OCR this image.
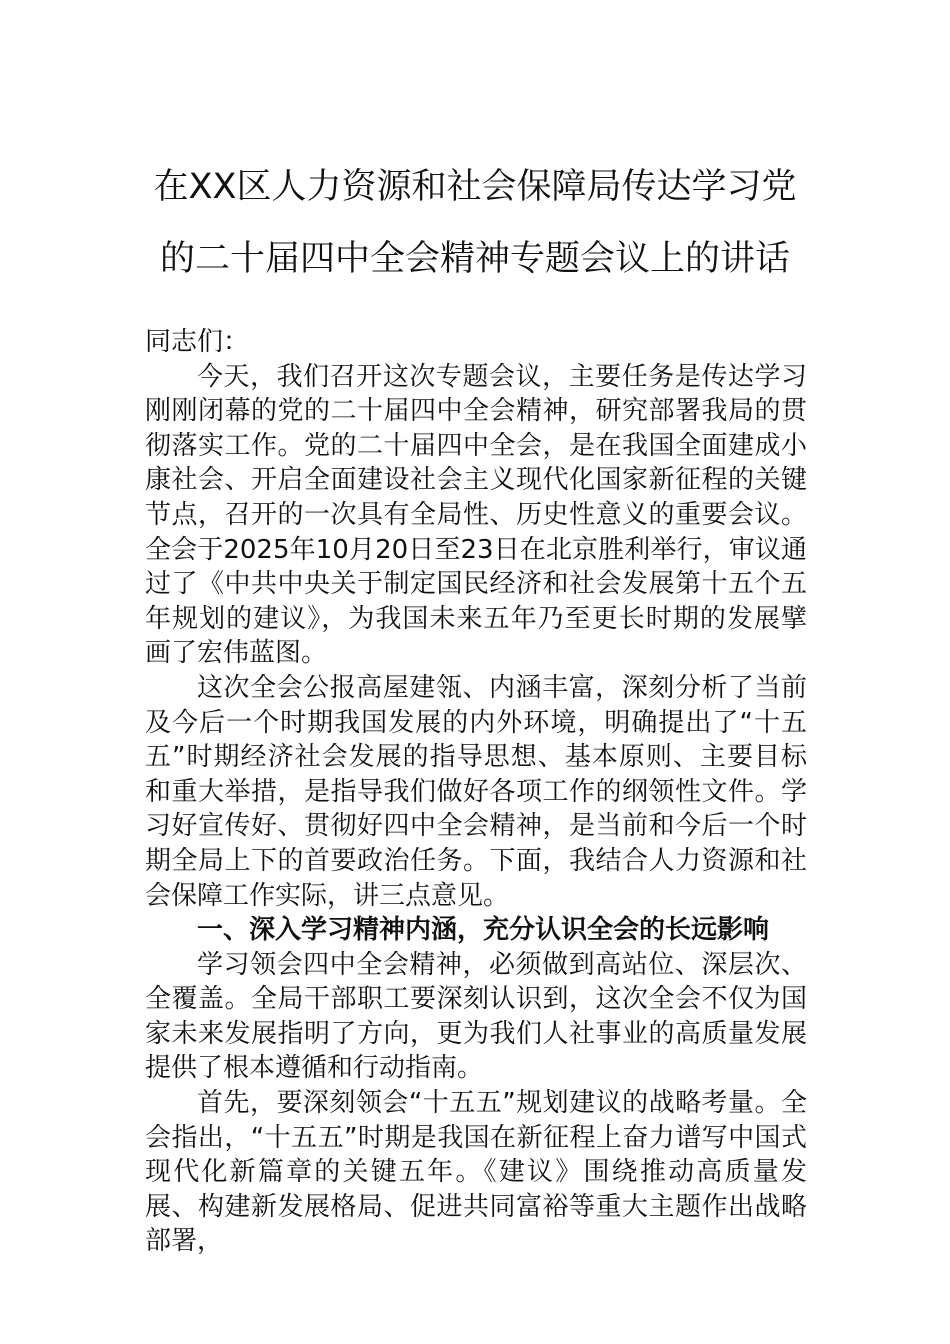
在XX区人力资源和社会保障局传达学习党
的二十届四中全会精神专题会议上的讲话

同志们：

今天，我们召开这次专题会议，主要任务是传达学习刚刚闭幕的党的二十届四中全会精神，研究部署我局的贯彻落实工作。党的二十届四中全会，是在我国全面建成小康社会、开启全面建设社会主义现代化国家新征程的关键节点，召开的一次具有全局性、历史性意义的重要会议。全会于2025年10月20日至23日在北京胜利举行，审议通过了《中共中央关于制定国民经济和社会发展第十五个五年规划的建议》，为我国未来五年乃至更长时期的发展擘画了宏伟蓝图。

这次全会公报高屋建瓴、内涵丰富，深刻分析了当前及今后一个时期我国发展的内外环境，明确提出了“十五五”时期经济社会发展的指导思想、基本原则、主要目标和重大举措，是指导我们做好各项工作的纲领性文件。学习好宣传好、贯彻好四中全会精神，是当前和今后一个时期全局上下的首要政治任务。下面，我结合人力资源和社会保障工作实际，讲三点意见。

一、深入学习精神内涵，充分认识全会的长远影响

学习领会四中全会精神，必须做到高站位、深层次、全覆盖。全局干部职工要深刻认识到，这次全会不仅为国家未来发展指明了方向，更为我们人社事业的高质量发展提供了根本遵循和行动指南。

首先，要深刻领会“十五五”规划建议的战略考量。全会指出，“十五五”时期是我国在新征程上奋力谱写中国式现代化新篇章的关键五年。《建议》围绕推动高质量发展、构建新发展格局、促进共同富裕等重大主题作出战略部署，
